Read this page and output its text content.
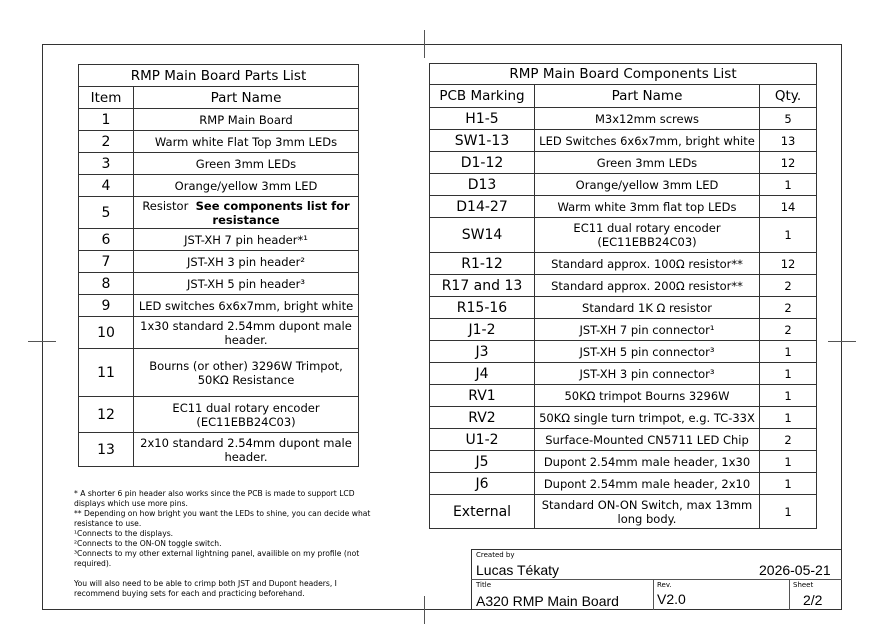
RMP Main Board Parts List	
Item	Part Name
1	RMP Main Board
2	Warm white Flat Top 3mm LEDs
3	Green 3mm LEDs
4	Orange/yellow 3mm LED
5	Resistor  See components list for resistance
6	JST-XH 7 pin header*¹
7	JST-XH 3 pin header²
8	JST-XH 5 pin header³
9	LED switches 6x6x7mm, bright white
10	1x30 standard 2.54mm dupont male header.
11	Bourns (or other) 3296W Trimpot, 50KΩ Resistance
12	EC11 dual rotary encoder (EC11EBB24C03)
13	2x10 standard 2.54mm dupont male header.
RMP Main Board Components List		
PCB Marking	Part Name	Qty.
H1-5	M3x12mm screws	5
SW1-13	LED Switches 6x6x7mm, bright white	13
D1-12	Green 3mm LEDs	12
D13	Orange/yellow 3mm LED	1
D14-27	Warm white 3mm flat top LEDs	14
SW14	EC11 dual rotary encoder (EC11EBB24C03)	1
R1-12	Standard approx. 100Ω resistor**	12
R17 and 13	Standard approx. 200Ω resistor**	2
R15-16	Standard 1K Ω resistor	2
J1-2	JST-XH 7 pin connector¹	2
J3	JST-XH 5 pin connector³	1
J4	JST-XH 3 pin connector³	1
RV1	50KΩ trimpot Bourns 3296W	1
RV2	50KΩ single turn trimpot, e.g. TC-33X	1
U1-2	Surface-Mounted CN5711 LED Chip	2
J5	Dupont 2.54mm male header, 1x30	1
J6	Dupont 2.54mm male header, 2x10	1
External	Standard ON-ON Switch, max 13mm long body.	1
* A shorter 6 pin header also works since the PCB is made to support LCD displays which use more pins.
** Depending on how bright you want the LEDs to shine, you can decide what resistance to use.
¹Connects to the displays.
²Connects to the ON-ON toggle switch.
³Connects to my other external lightning panel, availible on my profile (not required).
You will also need to be able to crimp both JST and Dupont headers, I recommend buying sets for each and practicing beforehand.
Created by
Lucas Tékaty	2026-05-21
Title
A320 RMP Main Board
Rev.
V2.0
Sheet
2/2
